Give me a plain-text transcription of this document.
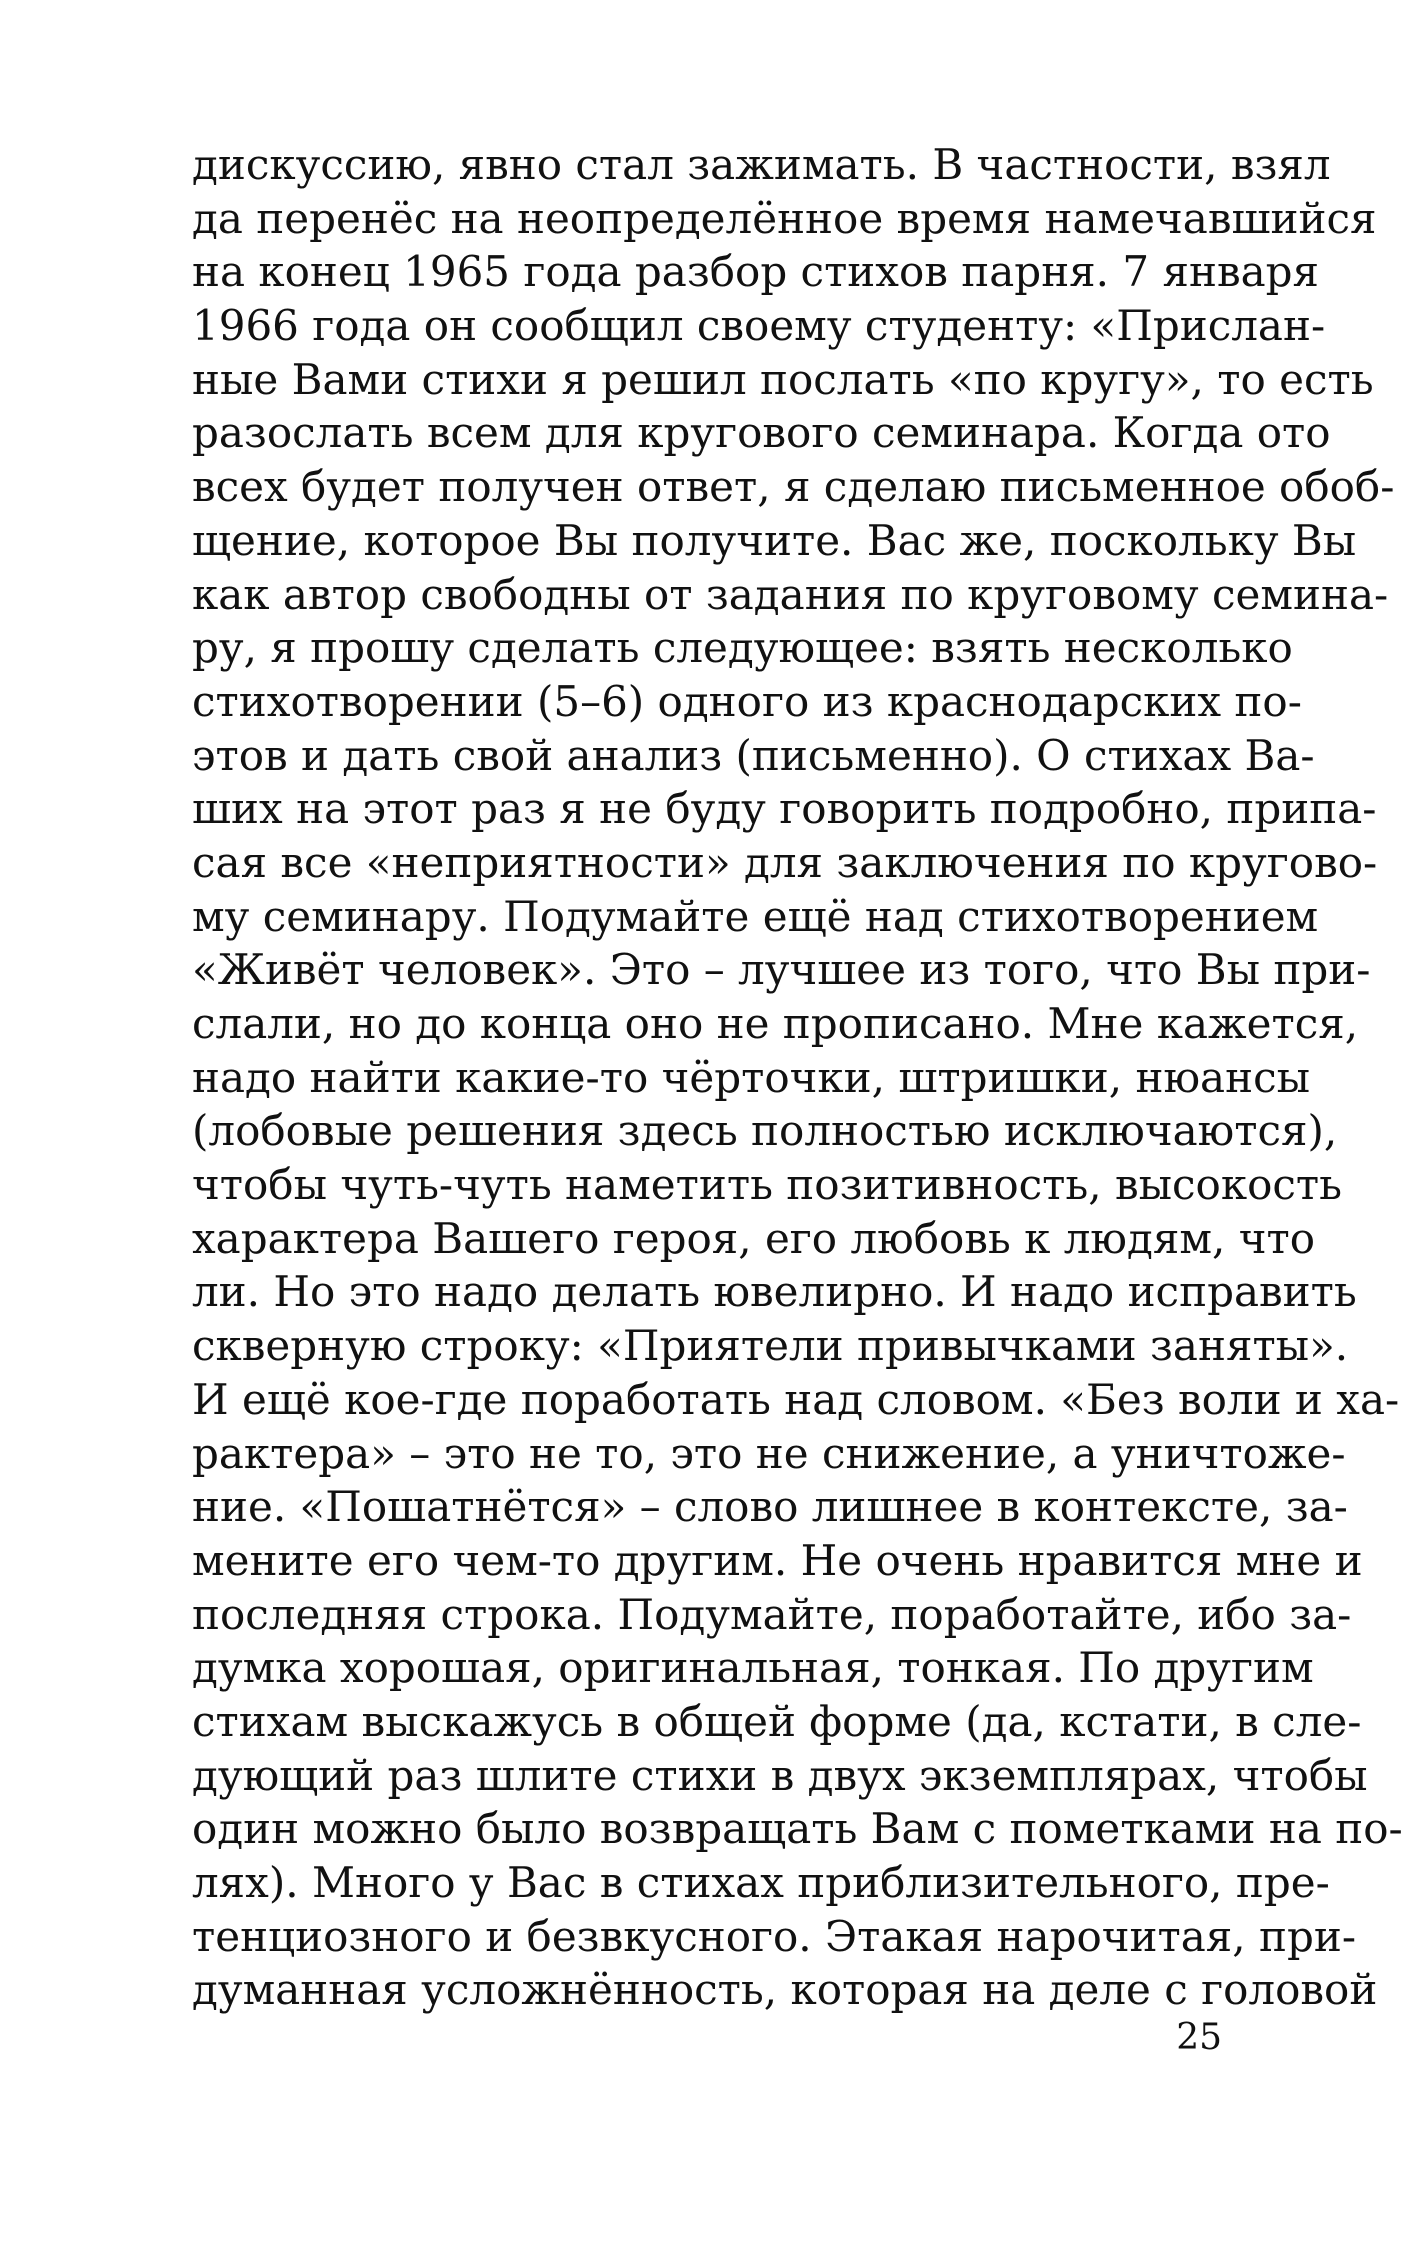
дискуссию, явно стал зажимать. В частности, взял
да перенёс на неопределённое время намечавшийся
на конец 1965 года разбор стихов парня. 7 января
1966 года он сообщил своему студенту: «Прислан-
ные Вами стихи я решил послать «по кругу», то есть
разослать всем для кругового семинара. Когда ото
всех будет получен ответ, я сделаю письменное обоб-
щение, которое Вы получите. Вас же, поскольку Вы
как автор свободны от задания по круговому семина-
ру, я прошу сделать следующее: взять несколько
стихотворении (5–6) одного из краснодарских по-
этов и дать свой анализ (письменно). О стихах Ва-
ших на этот раз я не буду говорить подробно, припа-
сая все «неприятности» для заключения по кругово-
му семинару. Подумайте ещё над стихотворением
«Живёт человек». Это – лучшее из того, что Вы при-
слали, но до конца оно не прописано. Мне кажется,
надо найти какие-то чёрточки, штришки, нюансы
(лобовые решения здесь полностью исключаются),
чтобы чуть-чуть наметить позитивность, высокость
характера Вашего героя, его любовь к людям, что
ли. Но это надо делать ювелирно. И надо исправить
скверную строку: «Приятели привычками заняты».
И ещё кое-где поработать над словом. «Без воли и ха-
рактера» – это не то, это не снижение, а уничтоже-
ние. «Пошатнётся» – слово лишнее в контексте, за-
мените его чем-то другим. Не очень нравится мне и
последняя строка. Подумайте, поработайте, ибо за-
думка хорошая, оригинальная, тонкая. По другим
стихам выскажусь в общей форме (да, кстати, в сле-
дующий раз шлите стихи в двух экземплярах, чтобы
один можно было возвращать Вам с пометками на по-
лях). Много у Вас в стихах приблизительного, пре-
тенциозного и безвкусного. Этакая нарочитая, при-
думанная усложнённость, которая на деле с головой
25
